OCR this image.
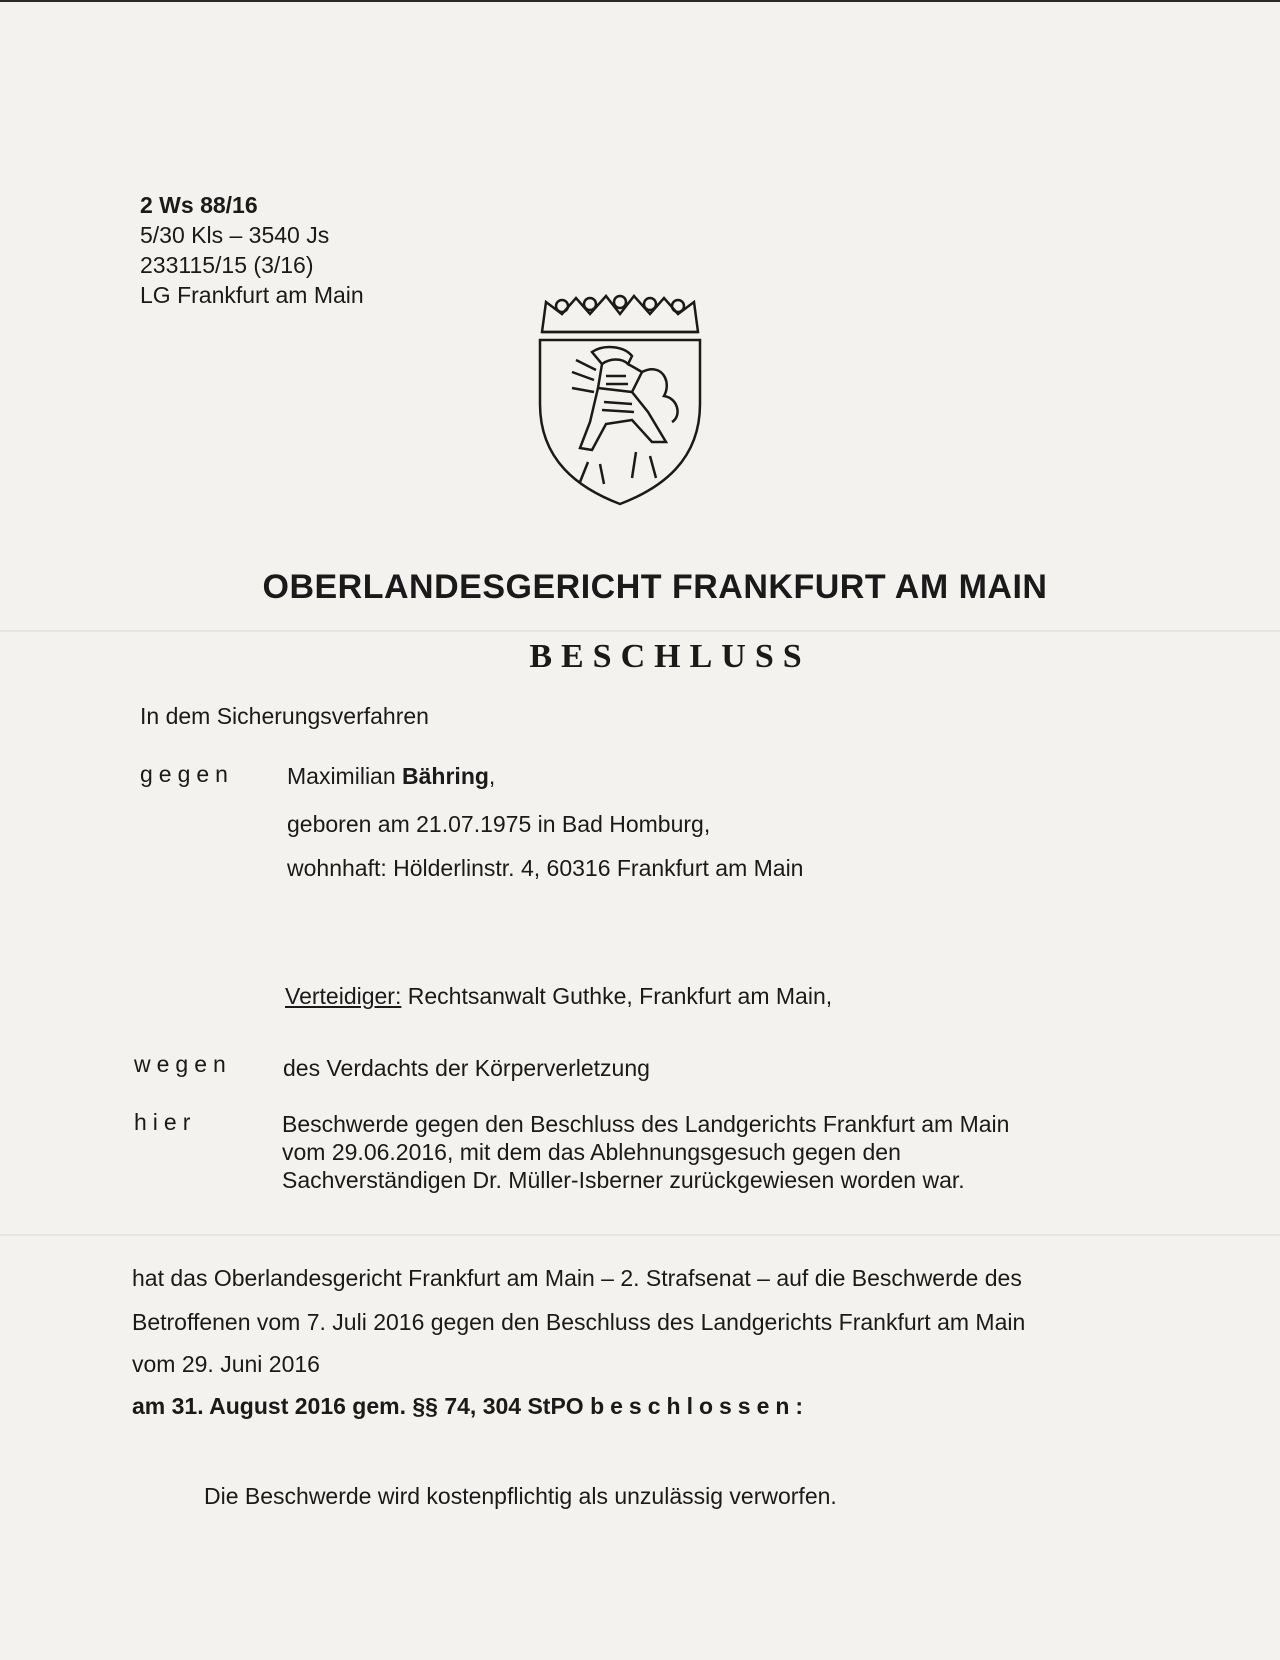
2 Ws 88/16
5/30 Kls – 3540 Js
233115/15 (3/16)
LG Frankfurt am Main
OBERLANDESGERICHT FRANKFURT AM MAIN
BESCHLUSS
In dem Sicherungsverfahren
gegen Maximilian Bähring,
geboren am 21.07.1975 in Bad Homburg,
wohnhaft: Hölderlinstr. 4, 60316 Frankfurt am Main
Verteidiger: Rechtsanwalt Guthke, Frankfurt am Main,
wegen des Verdachts der Körperverletzung
hier	Beschwerde gegen den Beschluss des Landgerichts Frankfurt am Main
vom 29.06.2016, mit dem das Ablehnungsgesuch gegen den
Sachverständigen Dr. Müller-Isberner zurückgewiesen worden war.
hat das Oberlandesgericht Frankfurt am Main – 2. Strafsenat – auf die Beschwerde des
Betroffenen vom 7. Juli 2016 gegen den Beschluss des Landgerichts Frankfurt am Main
vom 29. Juni 2016
am 31. August 2016 gem. §§ 74, 304 StPO beschlossen:
Die Beschwerde wird kostenpflichtig als unzulässig verworfen.
